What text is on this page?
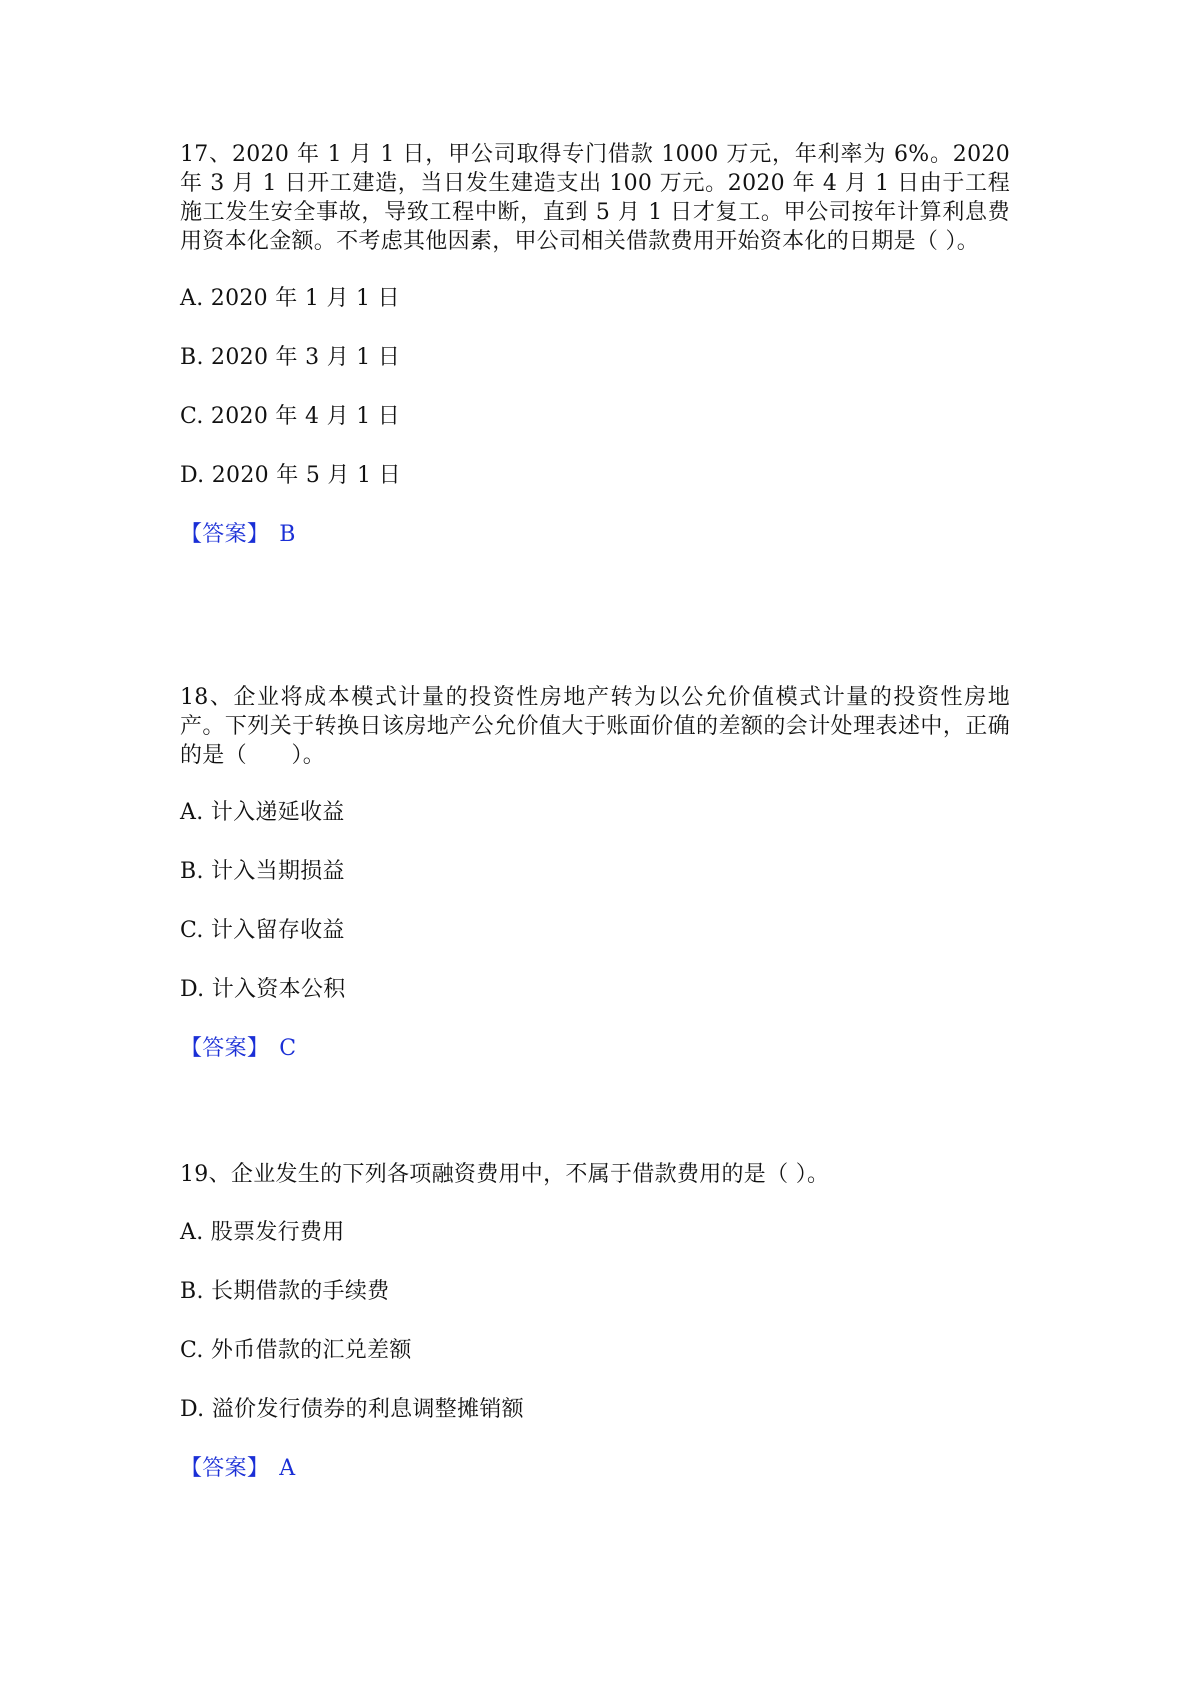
17、2020 年 1 月 1 日，甲公司取得专门借款 1000 万元，年利率为 6%。2020 年 3 月 1 日开工建造，当日发生建造支出 100 万元。2020 年 4 月 1 日由于工程施工发生安全事故，导致工程中断，直到 5 月 1 日才复工。甲公司按年计算利息费用资本化金额。不考虑其他因素，甲公司相关借款费用开始资本化的日期是（ ）。

A. 2020 年 1 月 1 日

B. 2020 年 3 月 1 日

C. 2020 年 4 月 1 日

D. 2020 年 5 月 1 日

【答案】 B

18、企业将成本模式计量的投资性房地产转为以公允价值模式计量的投资性房地产。下列关于转换日该房地产公允价值大于账面价值的差额的会计处理表述中，正确的是（　　）。

A. 计入递延收益

B. 计入当期损益

C. 计入留存收益

D. 计入资本公积

【答案】 C

19、企业发生的下列各项融资费用中，不属于借款费用的是（ ）。

A. 股票发行费用

B. 长期借款的手续费

C. 外币借款的汇兑差额

D. 溢价发行债券的利息调整摊销额

【答案】 A
